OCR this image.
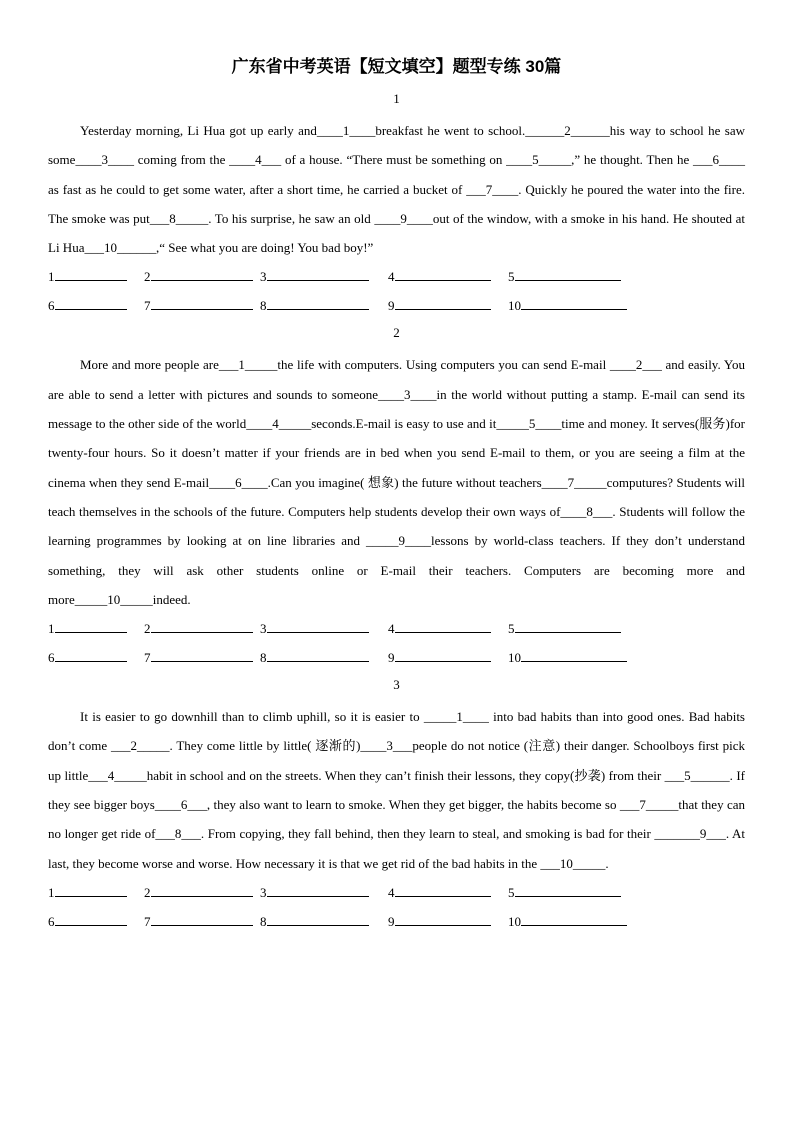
广东省中考英语【短文填空】题型专练 30篇
1

Yesterday morning, Li Hua got up early and____1____breakfast he went to school.______2______his way to school he saw some____3____ coming from the ____4___ of a house. “There must be something on ____5_____,” he thought. Then he ___6____ as fast as he could to get some water, after a short time, he carried a bucket of ___7____. Quickly he poured the water into the fire. The smoke was put___8_____. To his surprise, he saw an old ____9____out of the window, with a smoke in his hand. He shouted at Li Hua___10______,“ See what you are doing! You bad boy!”

1	2	3	4	5
6	7	8	9	10
2

More and more people are___1_____the life with computers. Using computers you can send E-mail ____2___ and easily. You are able to send a letter with pictures and sounds to someone____3____in the world without putting a stamp. E-mail can send its message to the other side of the world____4_____seconds.E-mail is easy to use and it_____5____time and money. It serves(服务)for twenty-four hours. So it doesn’t matter if your friends are in bed when you send E-mail to them, or you are seeing a film at the cinema when they send E-mail____6____.Can you imagine( 想象) the future without teachers____7_____computures? Students will teach themselves in the schools of the future. Computers help students develop their own ways of____8___. Students will follow the learning programmes by looking at on line libraries and _____9____lessons by world-class teachers. If they don’t understand something, they will ask other students online or E-mail their teachers. Computers are becoming more and more_____10_____indeed.

1	2	3	4	5
6	7	8	9	10
3

It is easier to go downhill than to climb uphill, so it is easier to _____1____ into bad habits than into good ones. Bad habits don’t come ___2_____. They come little by little( 逐渐的)____3___people do not notice (注意) their danger. Schoolboys first pick up little___4_____habit in school and on the streets. When they can’t finish their lessons, they copy(抄袭) from their ___5______. If they see bigger boys____6___, they also want to learn to smoke. When they get bigger, the habits become so ___7_____that they can no longer get ride of___8___. From copying, they fall behind, then they learn to steal, and smoking is bad for their _______9___. At last, they become worse and worse. How necessary it is that we get rid of the bad habits in the ___10_____.

1	2	3	4	5
6	7	8	9	10
